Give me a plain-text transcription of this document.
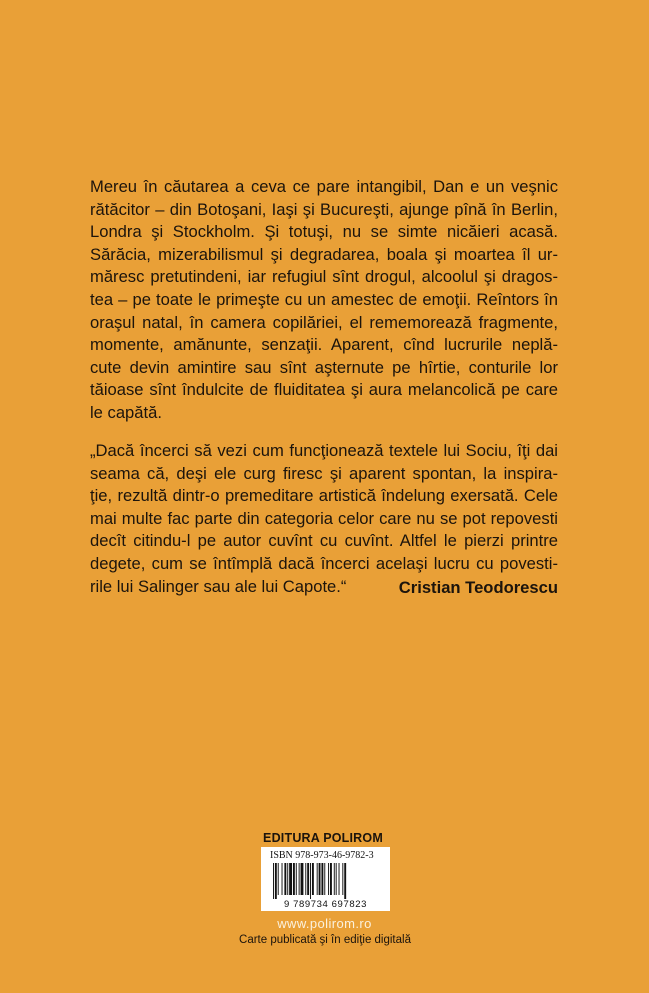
Mereu în căutarea a ceva ce pare intangibil, Dan e un veşnic
rătăcitor – din Botoşani, Iaşi şi Bucureşti, ajunge pînă în Berlin,
Londra şi Stockholm. Şi totuşi, nu se simte nicăieri acasă.
Sărăcia, mizerabilismul şi degradarea, boala şi moartea îl ur-
măresc pretutindeni, iar refugiul sînt drogul, alcoolul şi dragos-
tea – pe toate le primeşte cu un amestec de emoţii. Reîntors în
oraşul natal, în camera copilăriei, el rememorează fragmente,
momente, amănunte, senzaţii. Aparent, cînd lucrurile neplă-
cute devin amintire sau sînt aşternute pe hîrtie, conturile lor
tăioase sînt îndulcite de fluiditatea şi aura melancolică pe care
le capătă.
„Dacă încerci să vezi cum funcţionează textele lui Sociu, îţi dai
seama că, deşi ele curg firesc şi aparent spontan, la inspira-
ţie, rezultă dintr-o premeditare artistică îndelung exersată. Cele
mai multe fac parte din categoria celor care nu se pot repovesti
decît citindu-l pe autor cuvînt cu cuvînt. Altfel le pierzi printre
degete, cum se întîmplă dacă încerci acelaşi lucru cu povesti-
rile lui Salinger sau ale lui Capote.“	Cristian Teodorescu
EDITURA POLIROM
ISBN 978-973-46-9782-3
9 789734 697823
www.polirom.ro
Carte publicată şi în ediţie digitală
